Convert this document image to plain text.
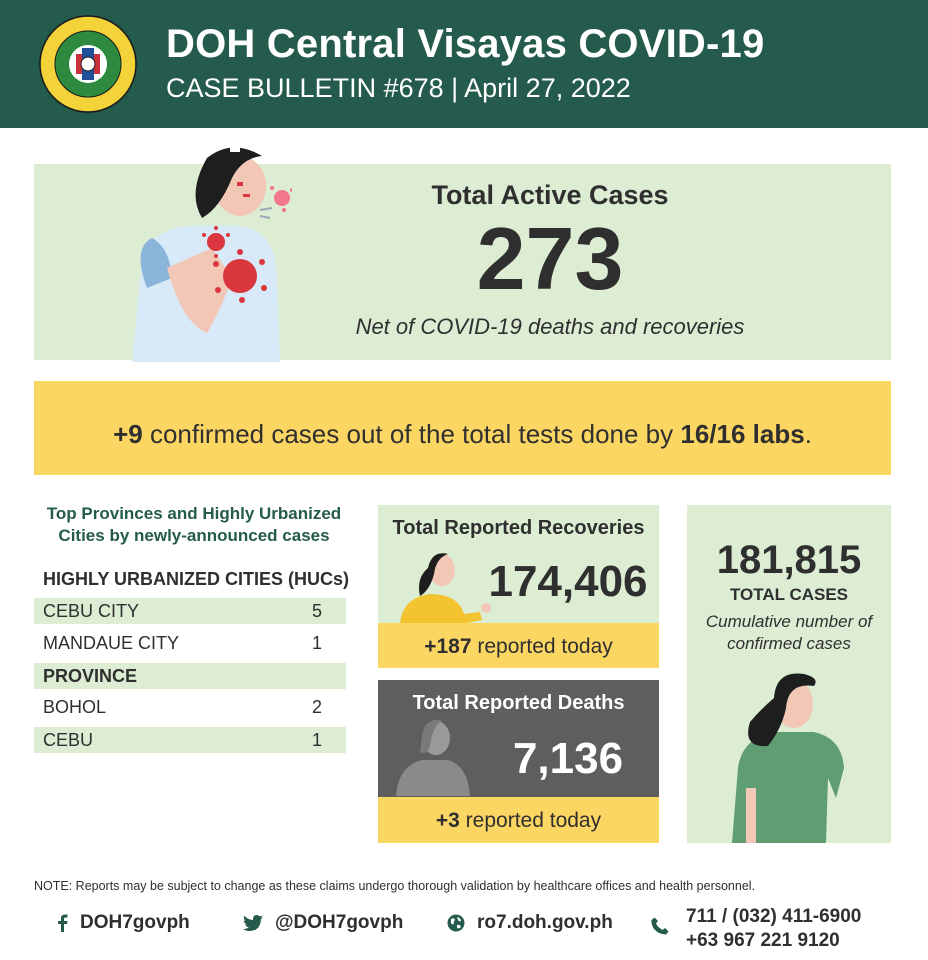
DOH Central Visayas COVID-19
CASE BULLETIN #678 | April 27, 2022
Total Active Cases
273
Net of COVID-19 deaths and recoveries
+9 confirmed cases out of the total tests done by 16/16 labs.
Top Provinces and Highly Urbanized Cities by newly-announced cases
HIGHLY URBANIZED CITIES (HUCs)
CEBU CITY	5
MANDAUE CITY	1
PROVINCE
BOHOL	2
CEBU	1
Total Reported Recoveries
174,406
+187 reported today
Total Reported Deaths
7,136
+3 reported today
181,815
TOTAL CASES
Cumulative number of confirmed cases
NOTE: Reports may be subject to change as these claims undergo thorough validation by healthcare offices and health personnel.
DOH7govph	@DOH7govph	ro7.doh.gov.ph	711 / (032) 411-6900
+63 967 221 9120
